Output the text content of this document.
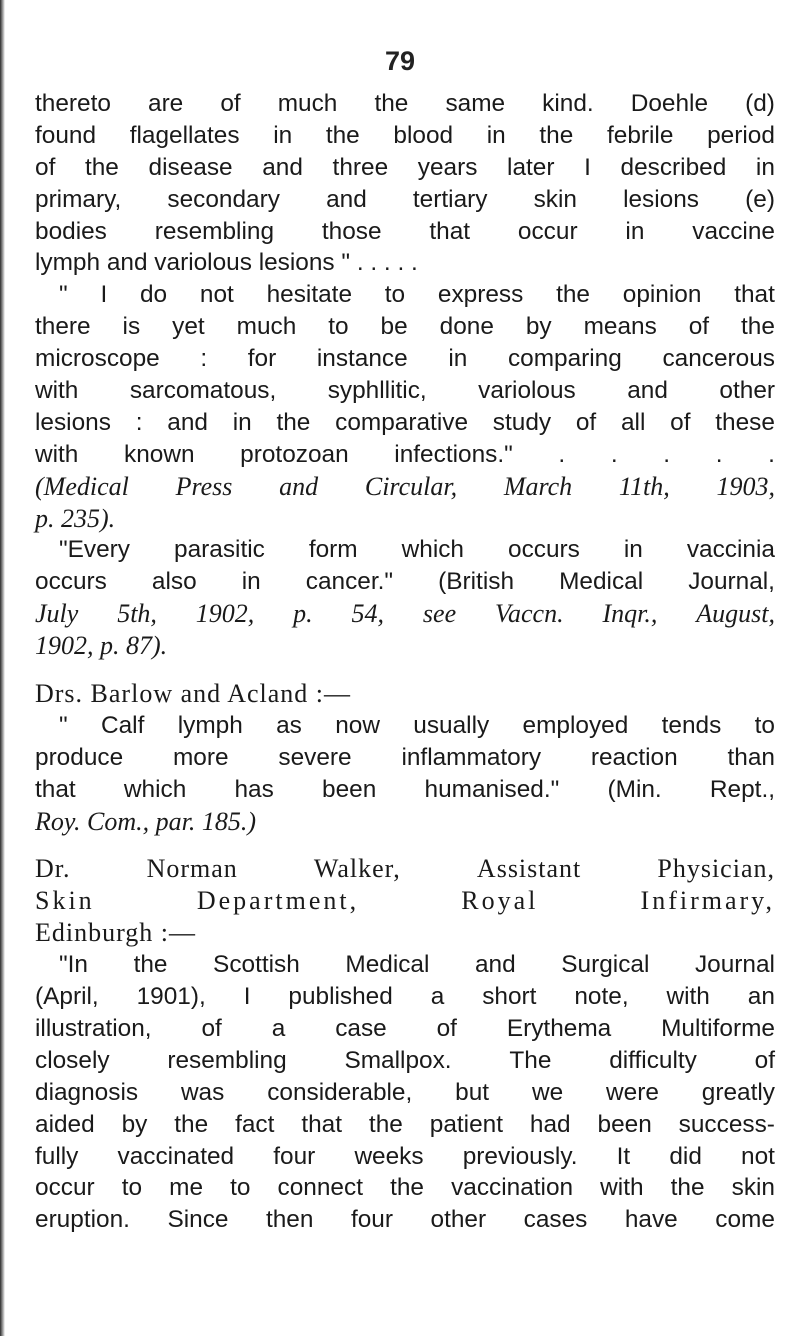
79
thereto are of much the same kind. Doehle (d)
found flagellates in the blood in the febrile period
of the disease and three years later I described in
primary, secondary and tertiary skin lesions (e)
bodies resembling those that occur in vaccine
lymph and variolous lesions " . . . . .
" I do not hesitate to express the opinion that
there is yet much to be done by means of the
microscope : for instance in comparing cancerous
with sarcomatous, syphllitic, variolous and other
lesions : and in the comparative study of all of these
with known protozoan infections." . . . . .
(Medical Press and Circular, March 11th, 1903,
p. 235).
"Every parasitic form which occurs in vaccinia
occurs also in cancer." (British Medical Journal,
July 5th, 1902, p. 54, see Vaccn. Inqr., August,
1902, p. 87).
Drs. Barlow and Acland :—
" Calf lymph as now usually employed tends to
produce more severe inflammatory reaction than
that which has been humanised." (Min. Rept.,
Roy. Com., par. 185.)
Dr.	Norman	Walker,	Assistant	Physician,
Skin	Department,	Royal	Infirmary,
Edinburgh :—
"In the Scottish Medical and Surgical Journal
(April, 1901), I published a short note, with an
illustration, of a case of Erythema Multiforme
closely resembling Smallpox. The difficulty of
diagnosis was considerable, but we were greatly
aided by the fact that the patient had been success-
fully vaccinated four weeks previously. It did not
occur to me to connect the vaccination with the skin
eruption. Since then four other cases have come
